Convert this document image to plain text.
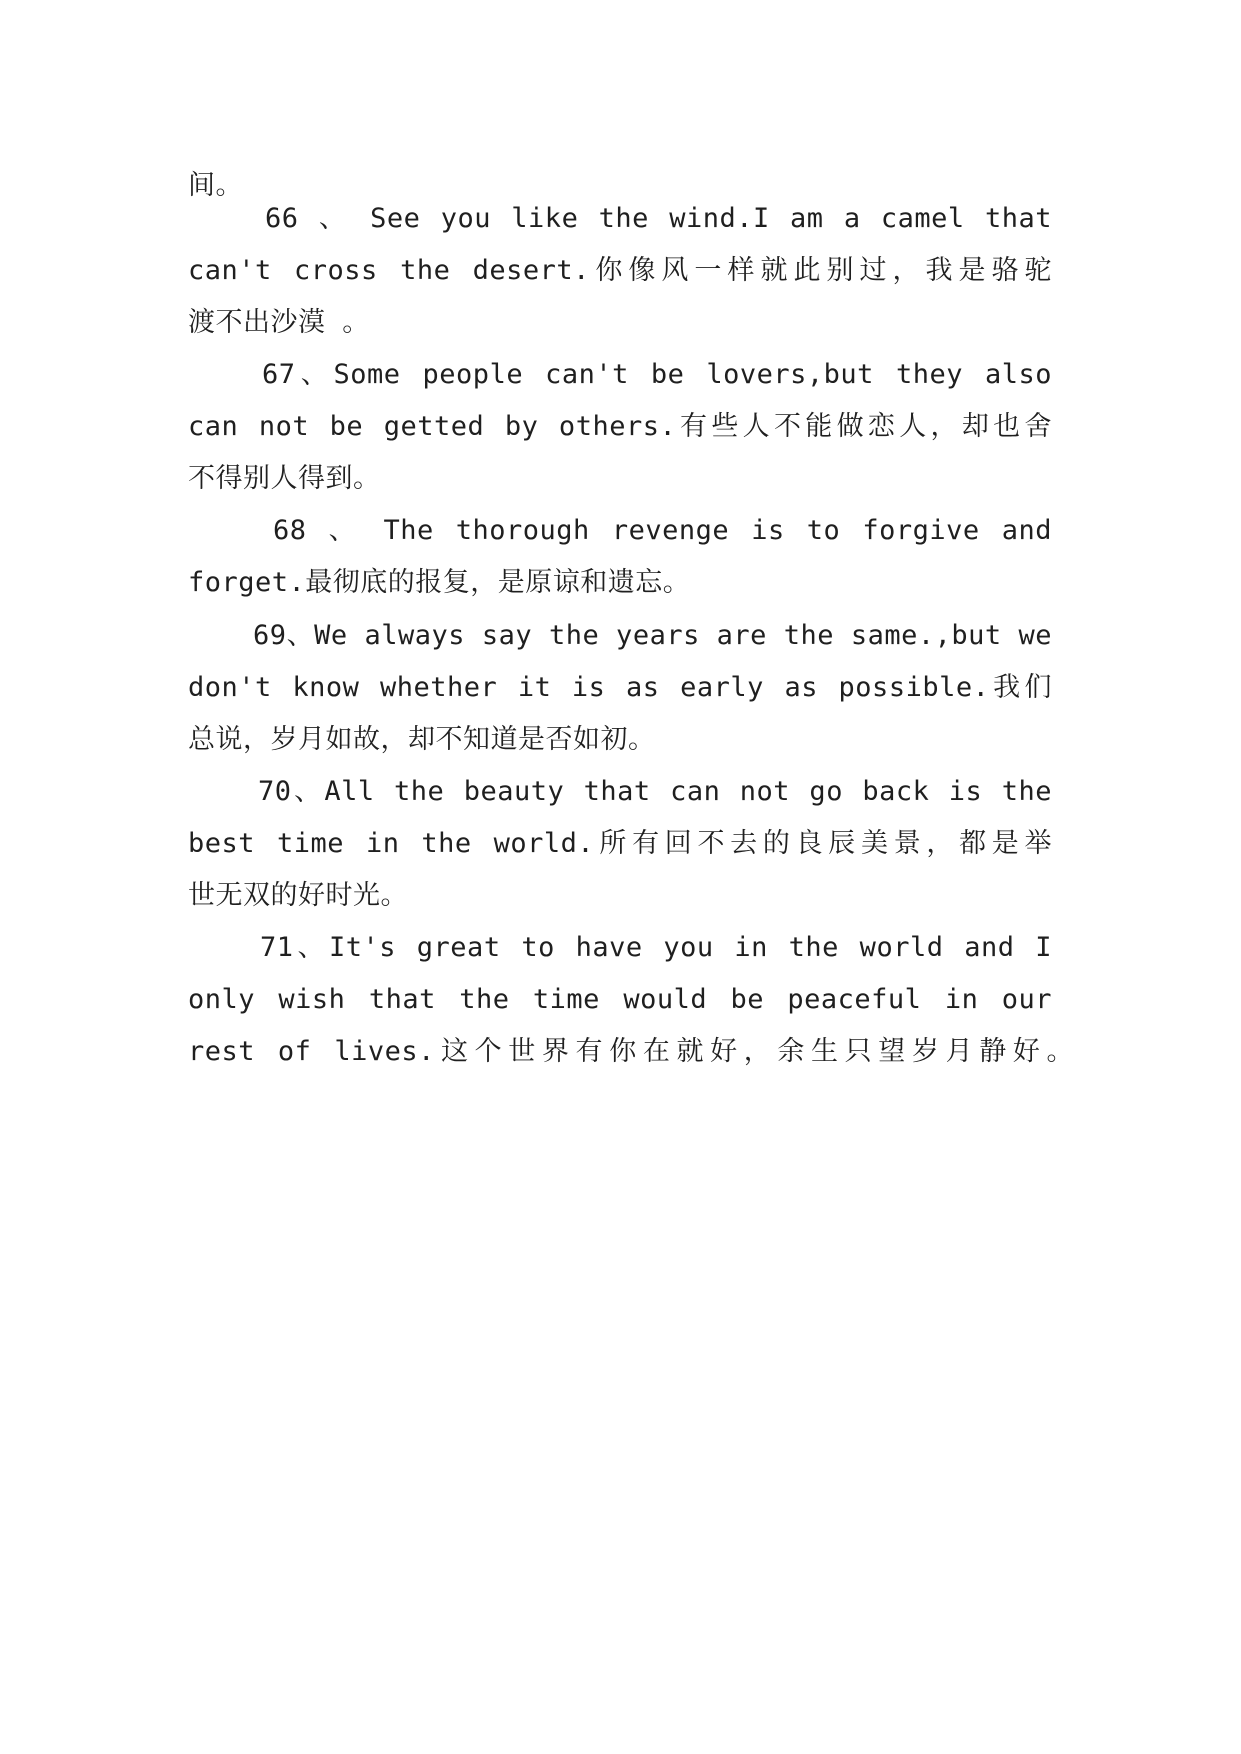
间。
66 、 See you like the wind.I am a camel that
can't cross the desert.你像风一样就此别过，我是骆驼
渡不出沙漠 。
67、Some people can't be lovers,but they also
can not be getted by others.有些人不能做恋人，却也舍
不得别人得到。
68 、 The thorough revenge is to forgive and
forget.最彻底的报复，是原谅和遗忘。
69、We always say the years are the same.,but we
don't know whether it is as early as possible.我们
总说，岁月如故，却不知道是否如初。
70、All the beauty that can not go back is the
best time in the world.所有回不去的良辰美景，都是举
世无双的好时光。
71、It's great to have you in the world and I
only wish that the time would be peaceful in our
rest of lives.这个世界有你在就好，余生只望岁月静好。
